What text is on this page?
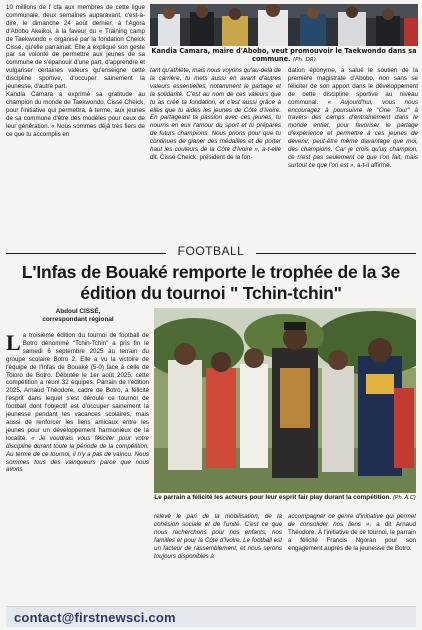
10 millions de f cfa aux membres de cette ligue communale, deux semaines auparavant, c'est-à-dire, le dimanche 24 août dernier, à l'Agora d'Abobo Akeikoi, à la faveur du « Training camp de Taekwondo » organisé par la fondation Cheick Cissé, qu'elle parrainait. Elle a expliqué son geste par sa volonté de permettre aux jeunes de sa commune de s'épanouir d'une part, d'apprendre et vulgariser certaines valeurs qu'enseigne cette discipline sportive, d'occuper sainement la jeunesse, d'autre part.

Kandia Camara a exprimé sa gratitude au champion du monde de Taekwondo, Cissé Cheick, pour l'initiative qui permettra, à terme, aux jeunes de sa commune d'être des modèles pour ceux de leur génération. « Nous sommes déjà très fiers de ce que tu accomplis en

Kandia Camara, maire d'Abobo, veut promouvoir le Taekwondo dans sa commune. (Ph. DR)

tant qu'athlète, mais nous voyons qu'au-delà de la carrière, tu mets aussi en avant d'autres valeurs essentielles, notamment le partage et la solidarité. C'est au nom de ces valeurs que tu as créé ta fondation, et c'est aussi grâce à elles que tu aides les jeunes de Côte d'Ivoire. En partageant ta passion avec ces jeunes, tu nourris en eux l'amour du sport et tu prépares de futurs champions. Nous prions pour que tu continues de glaner des médailles et de porter haut les couleurs de la Côte d'Ivoire », a-t-elle dit. Cissé Cheick, président de la fon-

dation éponyme, a salué le soutien de la première magistrate d'Abobo, non sans se féliciter de son apport dans le développement de cette discipline sportive au niveau communal. « Aujourd'hui, vous nous encouragez à poursuivre le "One Tour" à travers des camps d'entraînement dans le monde entier, pour favoriser le partage d'expérience et permettre à ces jeunes de devenir, peut-être même davantage que moi, des champions. Car je crois qu'un champion, ce n'est pas seulement ce que l'on fait, mais surtout ce que l'on est », a-t-il affirmé.

FOOTBALL
L'Infas de Bouaké remporte le trophée de la 3e édition du tournoi " Tchin-tchin"
Abdoul CISSÉ,
correspondant régional

L a troisième édition du tournoi de football de Botro dénommé "Tchin-Tchin" a pris fin le samedi 6 septembre 2025 au terrain du groupe scolaire Botro 2. Elle a vu la victoire de l'équipe de l'Infas de Bouaké (5-0) face à celle de Toloro de Botro. Débutée le 1er août 2025, cette compétition a réuni 32 équipes. Parrain de l'édition 2025, Arnaud Théodore, cadre de Botro, a félicité l'esprit dans lequel s'est déroulé ce tournoi de football dont l'objectif est d'occuper sainement la jeunesse pendant les vacances scolaires, mais aussi de renforcer les liens amicaux entre les jeunes pour un développement harmonieux de la localité. « Je voudrais vous féliciter pour votre discipline durant toute la période de la compétition. Au terme de ce tournoi, il n'y a pas de vaincu. Nous sommes tous des vainqueurs parce que nous avons

Le parrain a félicité les acteurs pour leur esprit fair play durant la compétition. (Ph. A.C)

relevé le pari de la mobilisation, de la cohésion sociale et de l'unité. C'est ce que nous recherchons pour nos enfants, nos familles et pour la Côte d'Ivoire. Le football est un facteur de rassemblement, et nous serons toujours disponibles à

accompagner ce genre d'initiative qui permet de consolider nos liens », a dit Arnaud Théodore. À l'initiative de ce tournoi, le parrain a félicité Francis Ngoran pour son engagement auprès de la jeunesse de Botro.

contact@firstnewsci.com
